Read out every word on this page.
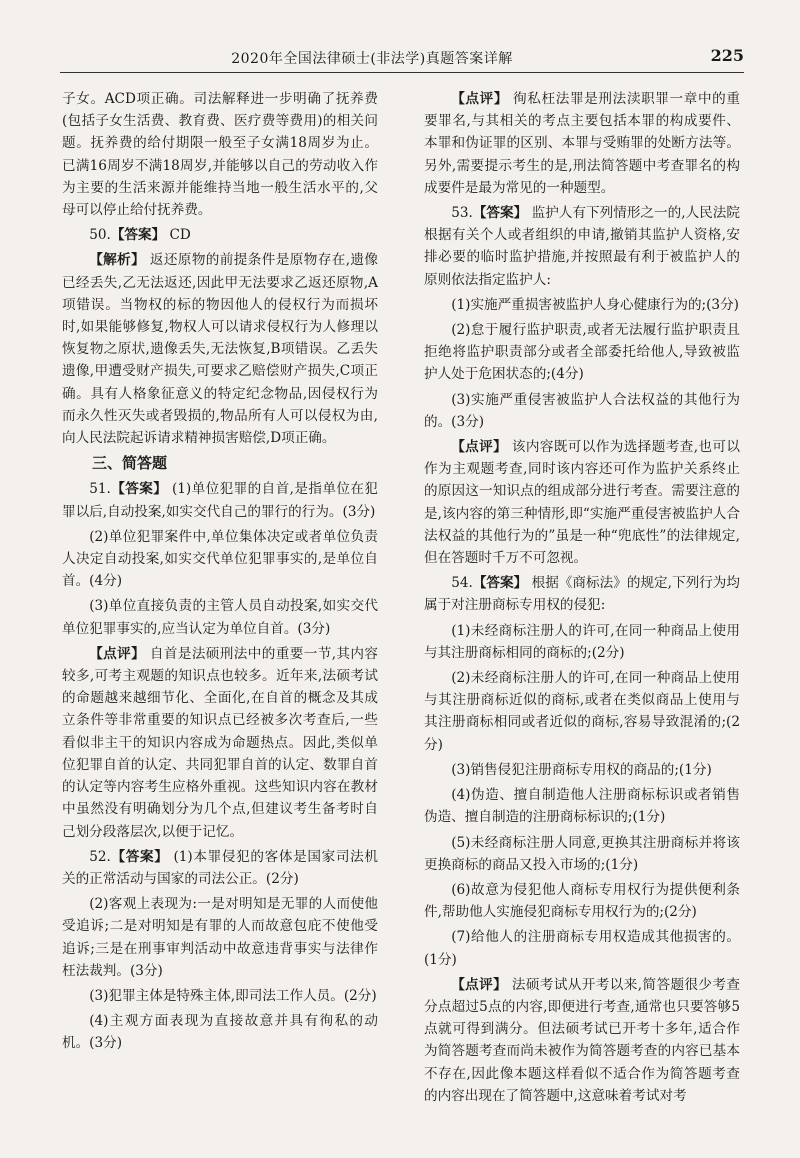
2020年全国法律硕士(非法学)真题答案详解	225

子女。ACD项正确。司法解释进一步明确了抚养费(包括子女生活费、教育费、医疗费等费用)的相关问题。抚养费的给付期限一般至子女满18周岁为止。已满16周岁不满18周岁,并能够以自己的劳动收入作为主要的生活来源并能维持当地一般生活水平的,父母可以停止给付抚养费。

50.【答案】 CD

【解析】 返还原物的前提条件是原物存在,遗像已经丢失,乙无法返还,因此甲无法要求乙返还原物,A项错误。当物权的标的物因他人的侵权行为而损坏时,如果能够修复,物权人可以请求侵权行为人修理以恢复物之原状,遗像丢失,无法恢复,B项错误。乙丢失遗像,甲遭受财产损失,可要求乙赔偿财产损失,C项正确。具有人格象征意义的特定纪念物品,因侵权行为而永久性灭失或者毁损的,物品所有人可以侵权为由,向人民法院起诉请求精神损害赔偿,D项正确。

三、简答题

51.【答案】 (1)单位犯罪的自首,是指单位在犯罪以后,自动投案,如实交代自己的罪行的行为。(3分)

(2)单位犯罪案件中,单位集体决定或者单位负责人决定自动投案,如实交代单位犯罪事实的,是单位自首。(4分)

(3)单位直接负责的主管人员自动投案,如实交代单位犯罪事实的,应当认定为单位自首。(3分)

【点评】 自首是法硕刑法中的重要一节,其内容较多,可考主观题的知识点也较多。近年来,法硕考试的命题越来越细节化、全面化,在自首的概念及其成立条件等非常重要的知识点已经被多次考查后,一些看似非主干的知识内容成为命题热点。因此,类似单位犯罪自首的认定、共同犯罪自首的认定、数罪自首的认定等内容考生应格外重视。这些知识内容在教材中虽然没有明确划分为几个点,但建议考生备考时自己划分段落层次,以便于记忆。

52.【答案】 (1)本罪侵犯的客体是国家司法机关的正常活动与国家的司法公正。(2分)

(2)客观上表现为:一是对明知是无罪的人而使他受追诉;二是对明知是有罪的人而故意包庇不使他受追诉;三是在刑事审判活动中故意违背事实与法律作枉法裁判。(3分)

(3)犯罪主体是特殊主体,即司法工作人员。(2分)

(4)主观方面表现为直接故意并具有徇私的动机。(3分)

【点评】 徇私枉法罪是刑法渎职罪一章中的重要罪名,与其相关的考点主要包括本罪的构成要件、本罪和伪证罪的区别、本罪与受贿罪的处断方法等。另外,需要提示考生的是,刑法简答题中考查罪名的构成要件是最为常见的一种题型。

53.【答案】 监护人有下列情形之一的,人民法院根据有关个人或者组织的申请,撤销其监护人资格,安排必要的临时监护措施,并按照最有利于被监护人的原则依法指定监护人:

(1)实施严重损害被监护人身心健康行为的;(3分)

(2)怠于履行监护职责,或者无法履行监护职责且拒绝将监护职责部分或者全部委托给他人,导致被监护人处于危困状态的;(4分)

(3)实施严重侵害被监护人合法权益的其他行为的。(3分)

【点评】 该内容既可以作为选择题考查,也可以作为主观题考查,同时该内容还可作为监护关系终止的原因这一知识点的组成部分进行考查。需要注意的是,该内容的第三种情形,即“实施严重侵害被监护人合法权益的其他行为的”虽是一种“兜底性”的法律规定,但在答题时千万不可忽视。

54.【答案】 根据《商标法》的规定,下列行为均属于对注册商标专用权的侵犯:

(1)未经商标注册人的许可,在同一种商品上使用与其注册商标相同的商标的;(2分)

(2)未经商标注册人的许可,在同一种商品上使用与其注册商标近似的商标,或者在类似商品上使用与其注册商标相同或者近似的商标,容易导致混淆的;(2分)

(3)销售侵犯注册商标专用权的商品的;(1分)

(4)伪造、擅自制造他人注册商标标识或者销售伪造、擅自制造的注册商标标识的;(1分)

(5)未经商标注册人同意,更换其注册商标并将该更换商标的商品又投入市场的;(1分)

(6)故意为侵犯他人商标专用权行为提供便利条件,帮助他人实施侵犯商标专用权行为的;(2分)

(7)给他人的注册商标专用权造成其他损害的。(1分)

【点评】 法硕考试从开考以来,简答题很少考查分点超过5点的内容,即便进行考查,通常也只要答够5点就可得到满分。但法硕考试已开考十多年,适合作为简答题考查而尚未被作为简答题考查的内容已基本不存在,因此像本题这样看似不适合作为简答题考查的内容出现在了简答题中,这意味着考试对考
